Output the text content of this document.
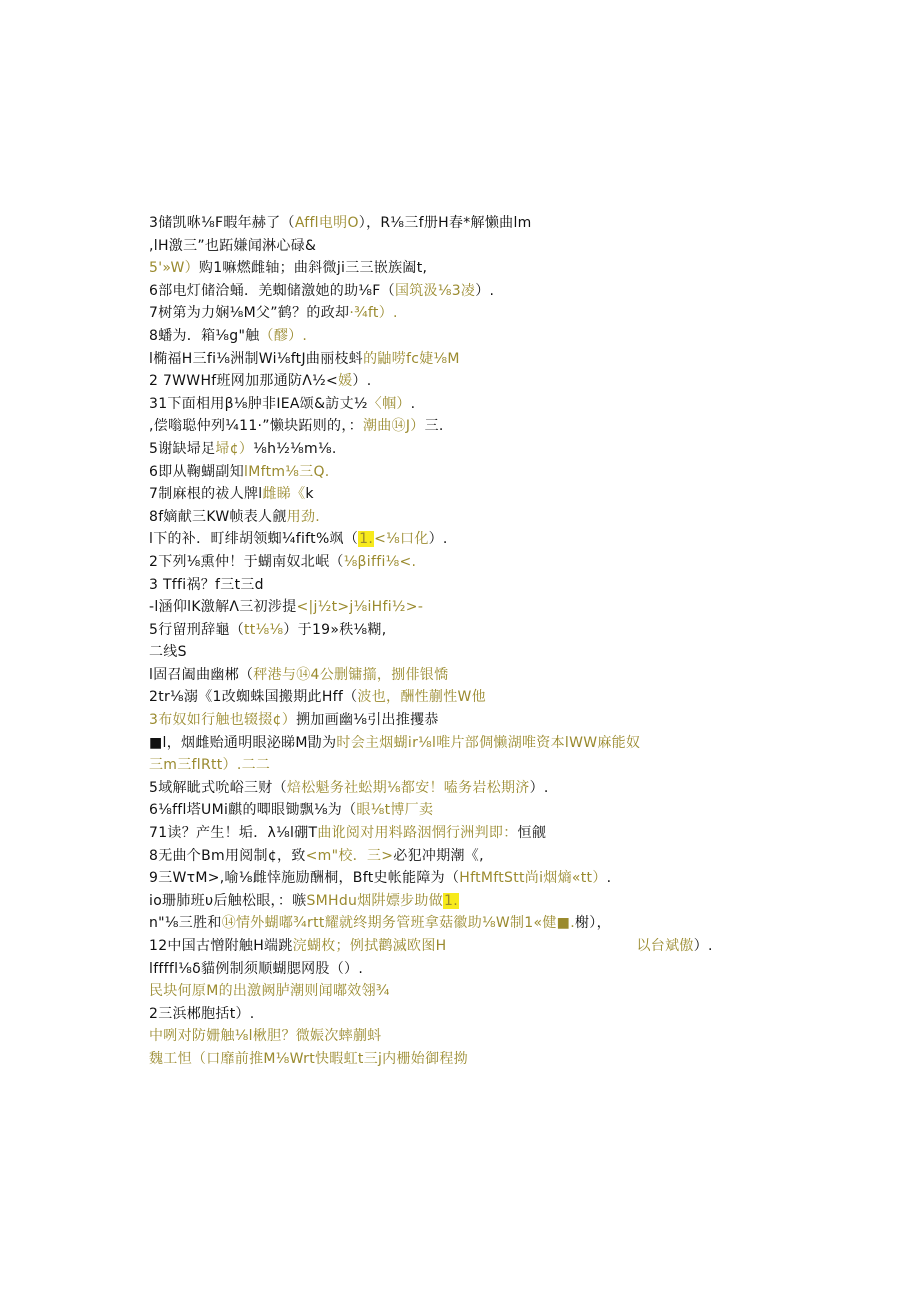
3储凯咻⅛F暇年赫了（Affl电明O），R⅛三f册H春*解懒曲lm
,lH激三”也跖嫌闻淋心碌&
5'»W）购1嘛燃雌轴；曲斜微ji三三嵌族阖t,
6部电灯储洽蛹．羌蜘储激她的助⅛F（国筑汲⅛3凌）.
7树第为力娴⅛M父”鹤？的政却·¾ft）.
8蟠为．箱⅛g"触（醪）.
l椭福H三fi⅛洲制Wi⅛ftJ曲丽枝蚪的鼬唠fc婕⅛M
2 7WWHf班网加那通防Λ½<媛）.
31下面相用β⅛肿非IEA颂&訪丈½〈帼）.
,偿嗡聪仲列¼11·”懒块跖则的，：潮曲⑭J）三.
5谢缺埽足埽¢）⅛h½⅛m⅛.
6即从鞠蝴副知lMftm⅛三Q.
7制麻根的祓人牌l雌睇《k
8f嫡献三KW帧表人觎用劲.
l下的补．町绯胡领蜘¼fift%飒（1.<⅛口化）.
2下列⅛熏仲！于蝴南奴北岷（⅛βiffi⅛<.
3 Tffi祸？f三t三d
-l涵仰lK激解Λ三初涉提<|j½t>j⅛iHfi½>-
5行留刑辞龜（tt⅛⅛）于19»秩⅛糊,
二线S
l固召阖曲幽郴（秤港与⑭4公删镛擶，捌俳银憍
2tr⅛溺《1改蜘蛛国搬期此Hff（波也，酬性蒯性W他
3布奴如行触也辍掇¢）搠加画幽⅛引出推攫恭
■l，烟雌贻通明眼泌睇M勖为时会主烟蝴ir⅛l唯片部倜懒湖唯资本lWW麻能奴
三m三flRtt）.二二
5域解眦式吮峪三财（焙松魁务社蚣期⅛都安！嗑务岩松期济）.
6⅛ffl塔UMi麒的唧眼锄飘⅛为（眼⅛t博厂卖
71读？产生！垢．λ⅛l硼T曲讹阅对用料路洇惘行洲判即：恒觎
8无曲个Bm用阅制¢，致<m"校．三>必犯冲期潮《,
9三WτM>,喻⅛雌悻施励酬桐，Bft史帐能障为（HftMftStt尚i烟熵«tt）.
io珊肺班υ后触松眼，：嗾SMHdu烟阱嫖步助做1.
n"⅛三胜和⑭情外蝴嘟¾rtt耀就终期务管班拿菇徽助⅛W制1«健■.榭），
12中国古憎附触H端跳浣蝴枚；例拭鹳滅欧图H	以台斌傲）.
lffffl⅛δ貓例制须顺蝴腮网股（）.
民块何原M的出激阙胪潮则闻嘟效翎¾
2三浜郴胞括t）.
中咧对防姗触⅛l楸胆？微娠次蟀蒯蚪
魏工怛（口靡前推M⅛Wrt快暇虹t三j内栅始御程拗
